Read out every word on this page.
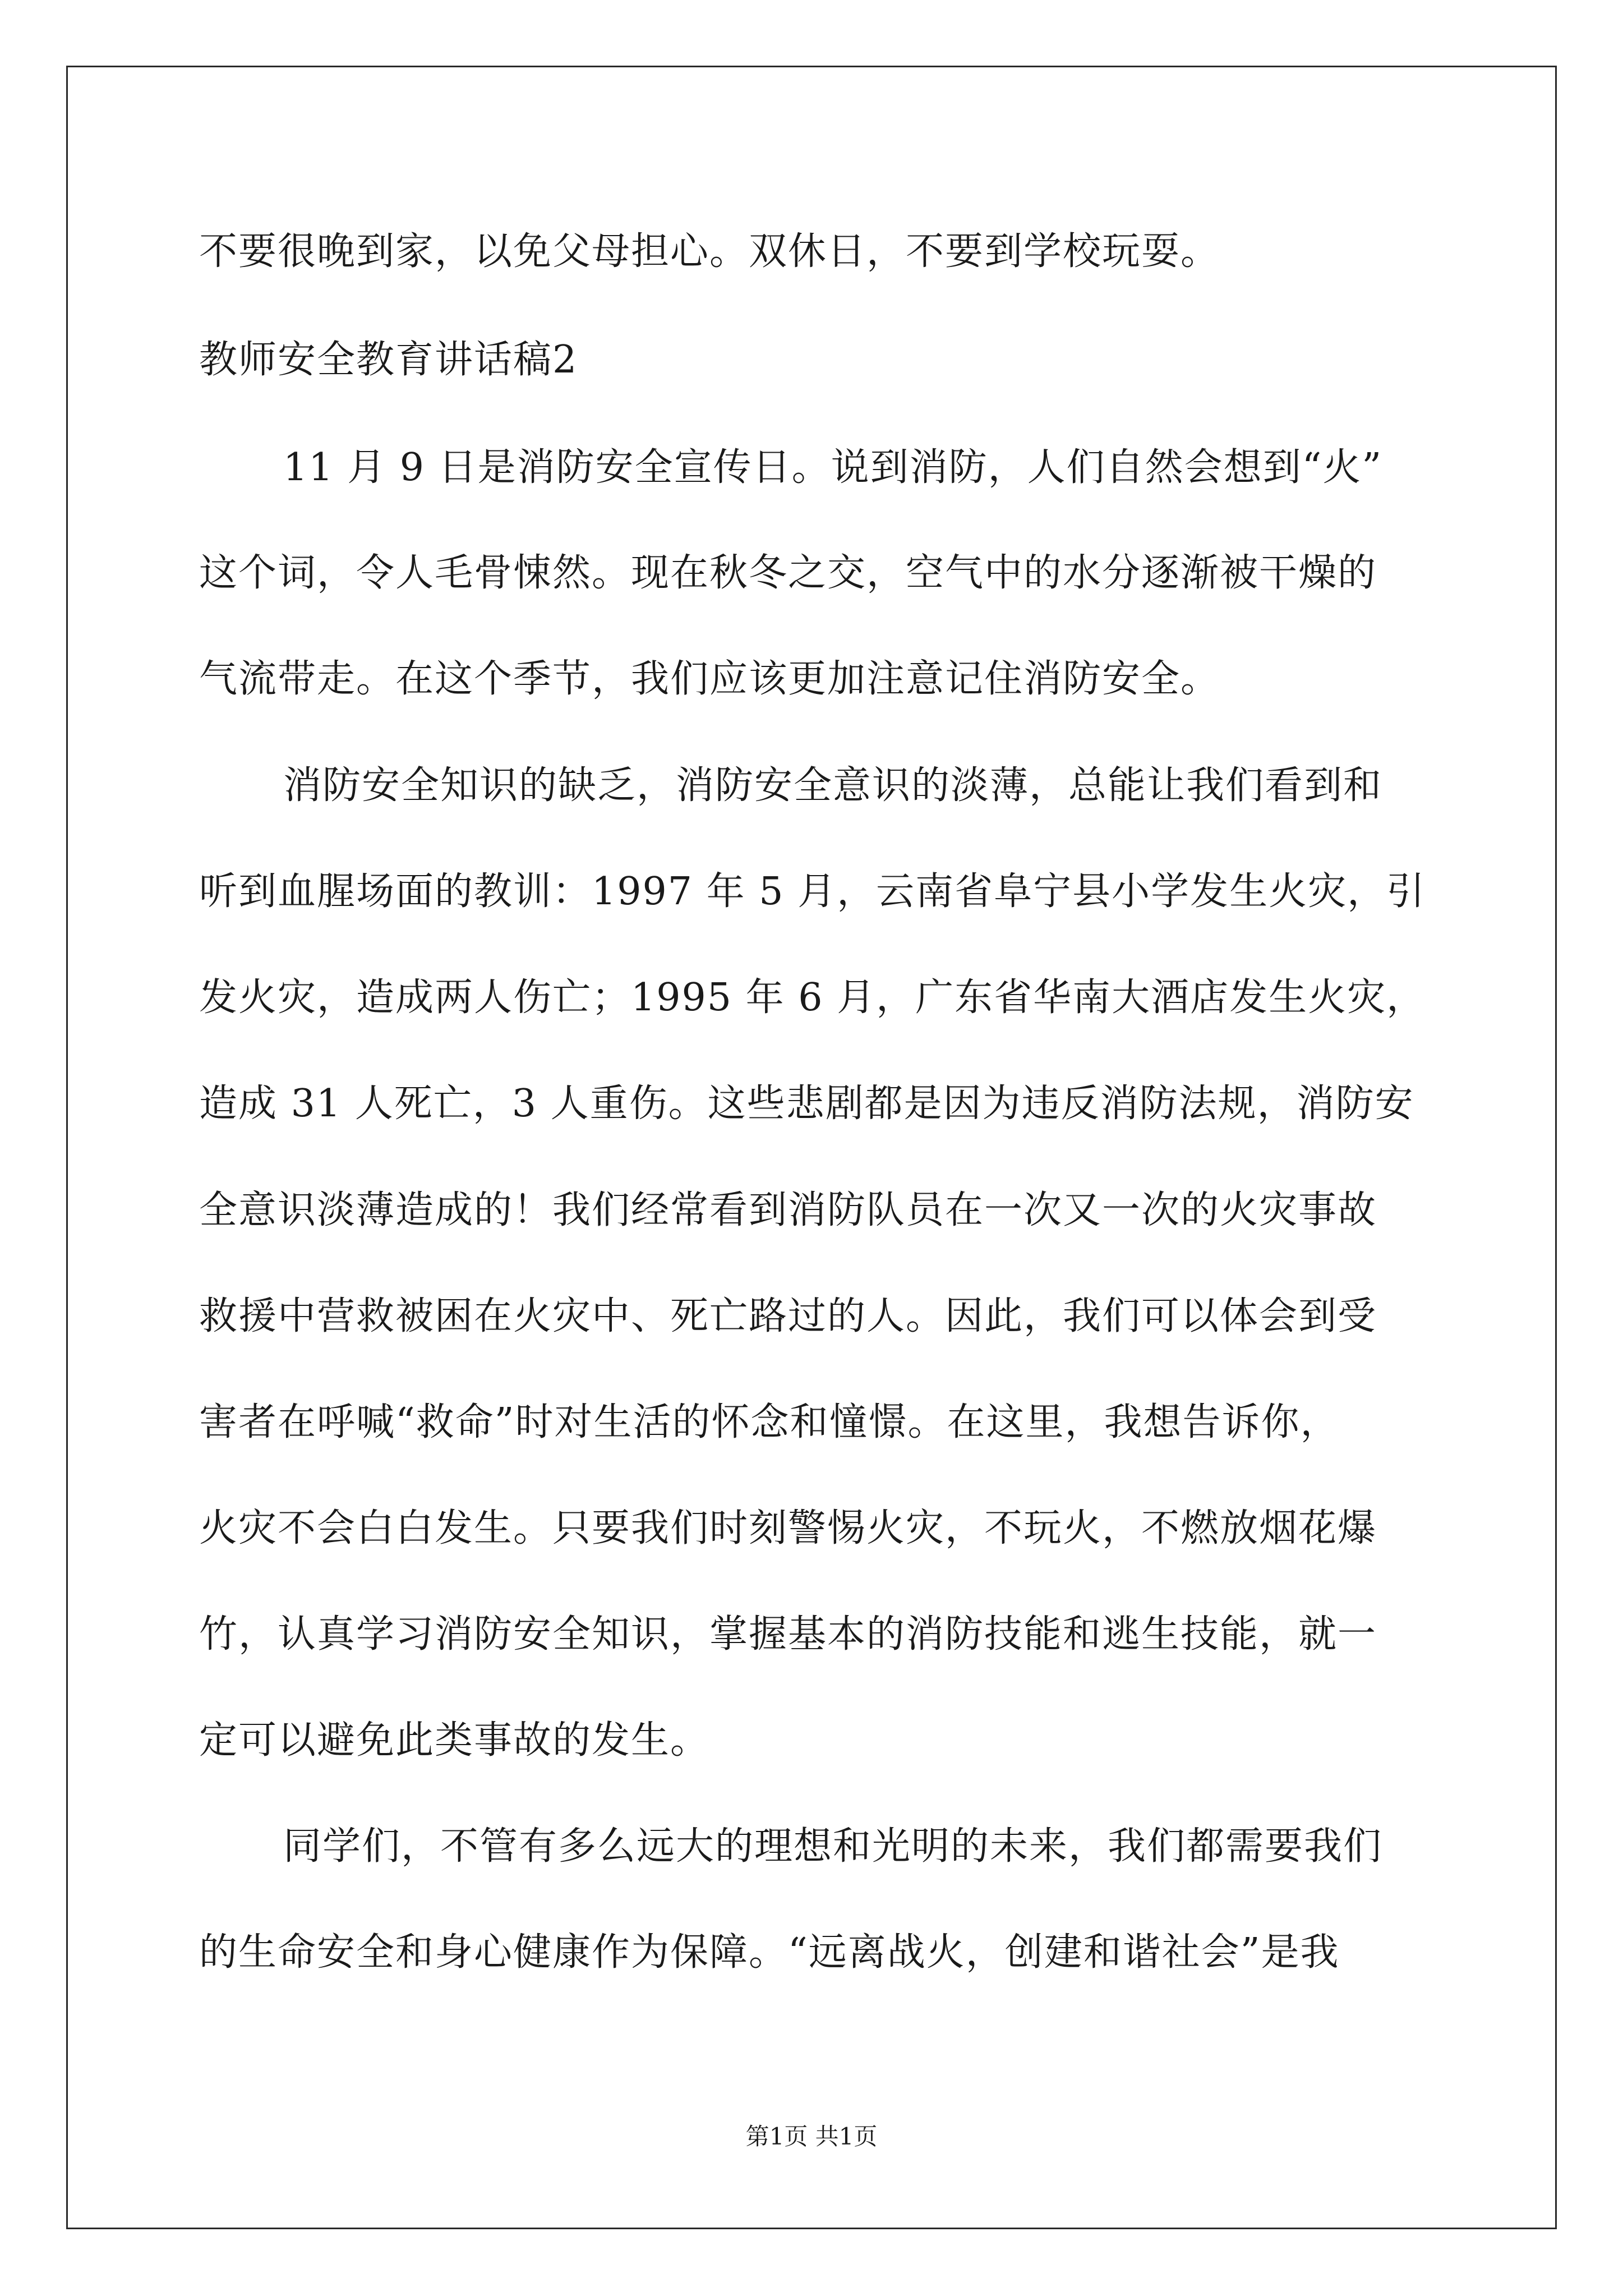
不要很晚到家，以免父母担心。双休日，不要到学校玩耍。
教师安全教育讲话稿2
11 月 9 日是消防安全宣传日。说到消防，人们自然会想到“火”
这个词，令人毛骨悚然。现在秋冬之交，空气中的水分逐渐被干燥的
气流带走。在这个季节，我们应该更加注意记住消防安全。
消防安全知识的缺乏，消防安全意识的淡薄，总能让我们看到和
听到血腥场面的教训：1997 年 5 月，云南省阜宁县小学发生火灾，引
发火灾，造成两人伤亡；1995 年 6 月，广东省华南大酒店发生火灾，
造成 31 人死亡，3 人重伤。这些悲剧都是因为违反消防法规，消防安
全意识淡薄造成的！我们经常看到消防队员在一次又一次的火灾事故
救援中营救被困在火灾中、死亡路过的人。因此，我们可以体会到受
害者在呼喊“救命”时对生活的怀念和憧憬。在这里，我想告诉你，
火灾不会白白发生。只要我们时刻警惕火灾，不玩火，不燃放烟花爆
竹，认真学习消防安全知识，掌握基本的消防技能和逃生技能，就一
定可以避免此类事故的发生。
同学们，不管有多么远大的理想和光明的未来，我们都需要我们
的生命安全和身心健康作为保障。“远离战火，创建和谐社会”是我
第1页 共1页
